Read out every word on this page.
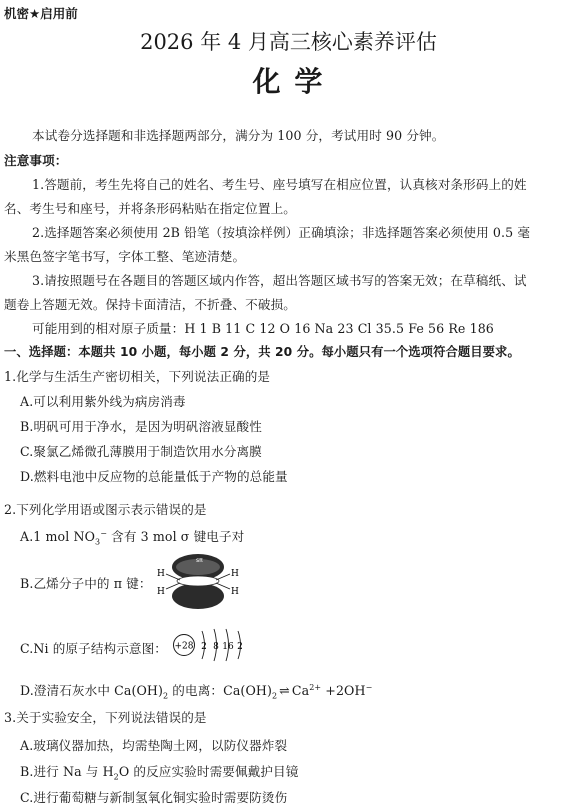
机密★启用前
2026 年 4 月高三核心素养评估
化 学
本试卷分选择题和非选择题两部分，满分为 100 分，考试用时 90 分钟。
注意事项：
1.答题前，考生先将自己的姓名、考生号、座号填写在相应位置，认真核对条形码上的姓
名、考生号和座号，并将条形码粘贴在指定位置上。
2.选择题答案必须使用 2B 铅笔（按填涂样例）正确填涂；非选择题答案必须使用 0.5 毫
米黑色签字笔书写，字体工整、笔迹清楚。
3.请按照题号在各题目的答题区域内作答，超出答题区域书写的答案无效；在草稿纸、试
题卷上答题无效。保持卡面清洁，不折叠、不破损。
可能用到的相对原子质量：H 1 B 11 C 12 O 16 Na 23 Cl 35.5 Fe 56 Re 186
一、选择题：本题共 10 小题，每小题 2 分，共 20 分。每小题只有一个选项符合题目要求。
1.化学与生活生产密切相关，下列说法正确的是
A.可以利用紫外线为病房消毒
B.明矾可用于净水，是因为明矾溶液显酸性
C.聚氯乙烯微孔薄膜用于制造饮用水分离膜
D.燃料电池中反应物的总能量低于产物的总能量
2.下列化学用语或图示表示错误的是
A.1 mol $NO_3^-$ 含有 3 mol σ 键电子对
B.乙烯分子中的 π 键：
sπ
H
H
H
H
C.Ni 的原子结构示意图： +28 2 8 16 2
D.澄清石灰水中 $Ca(OH)_2$ 的电离：$Ca(OH)_2$ ⇌ $Ca^{2+} +2OH^-$
3.关于实验安全，下列说法错误的是
A.玻璃仪器加热，均需垫陶土网，以防仪器炸裂
B.进行 Na 与 $H_2O$ 的反应实验时需要佩戴护目镜
C.进行葡萄糖与新制氢氧化铜实验时需要防烫伤
